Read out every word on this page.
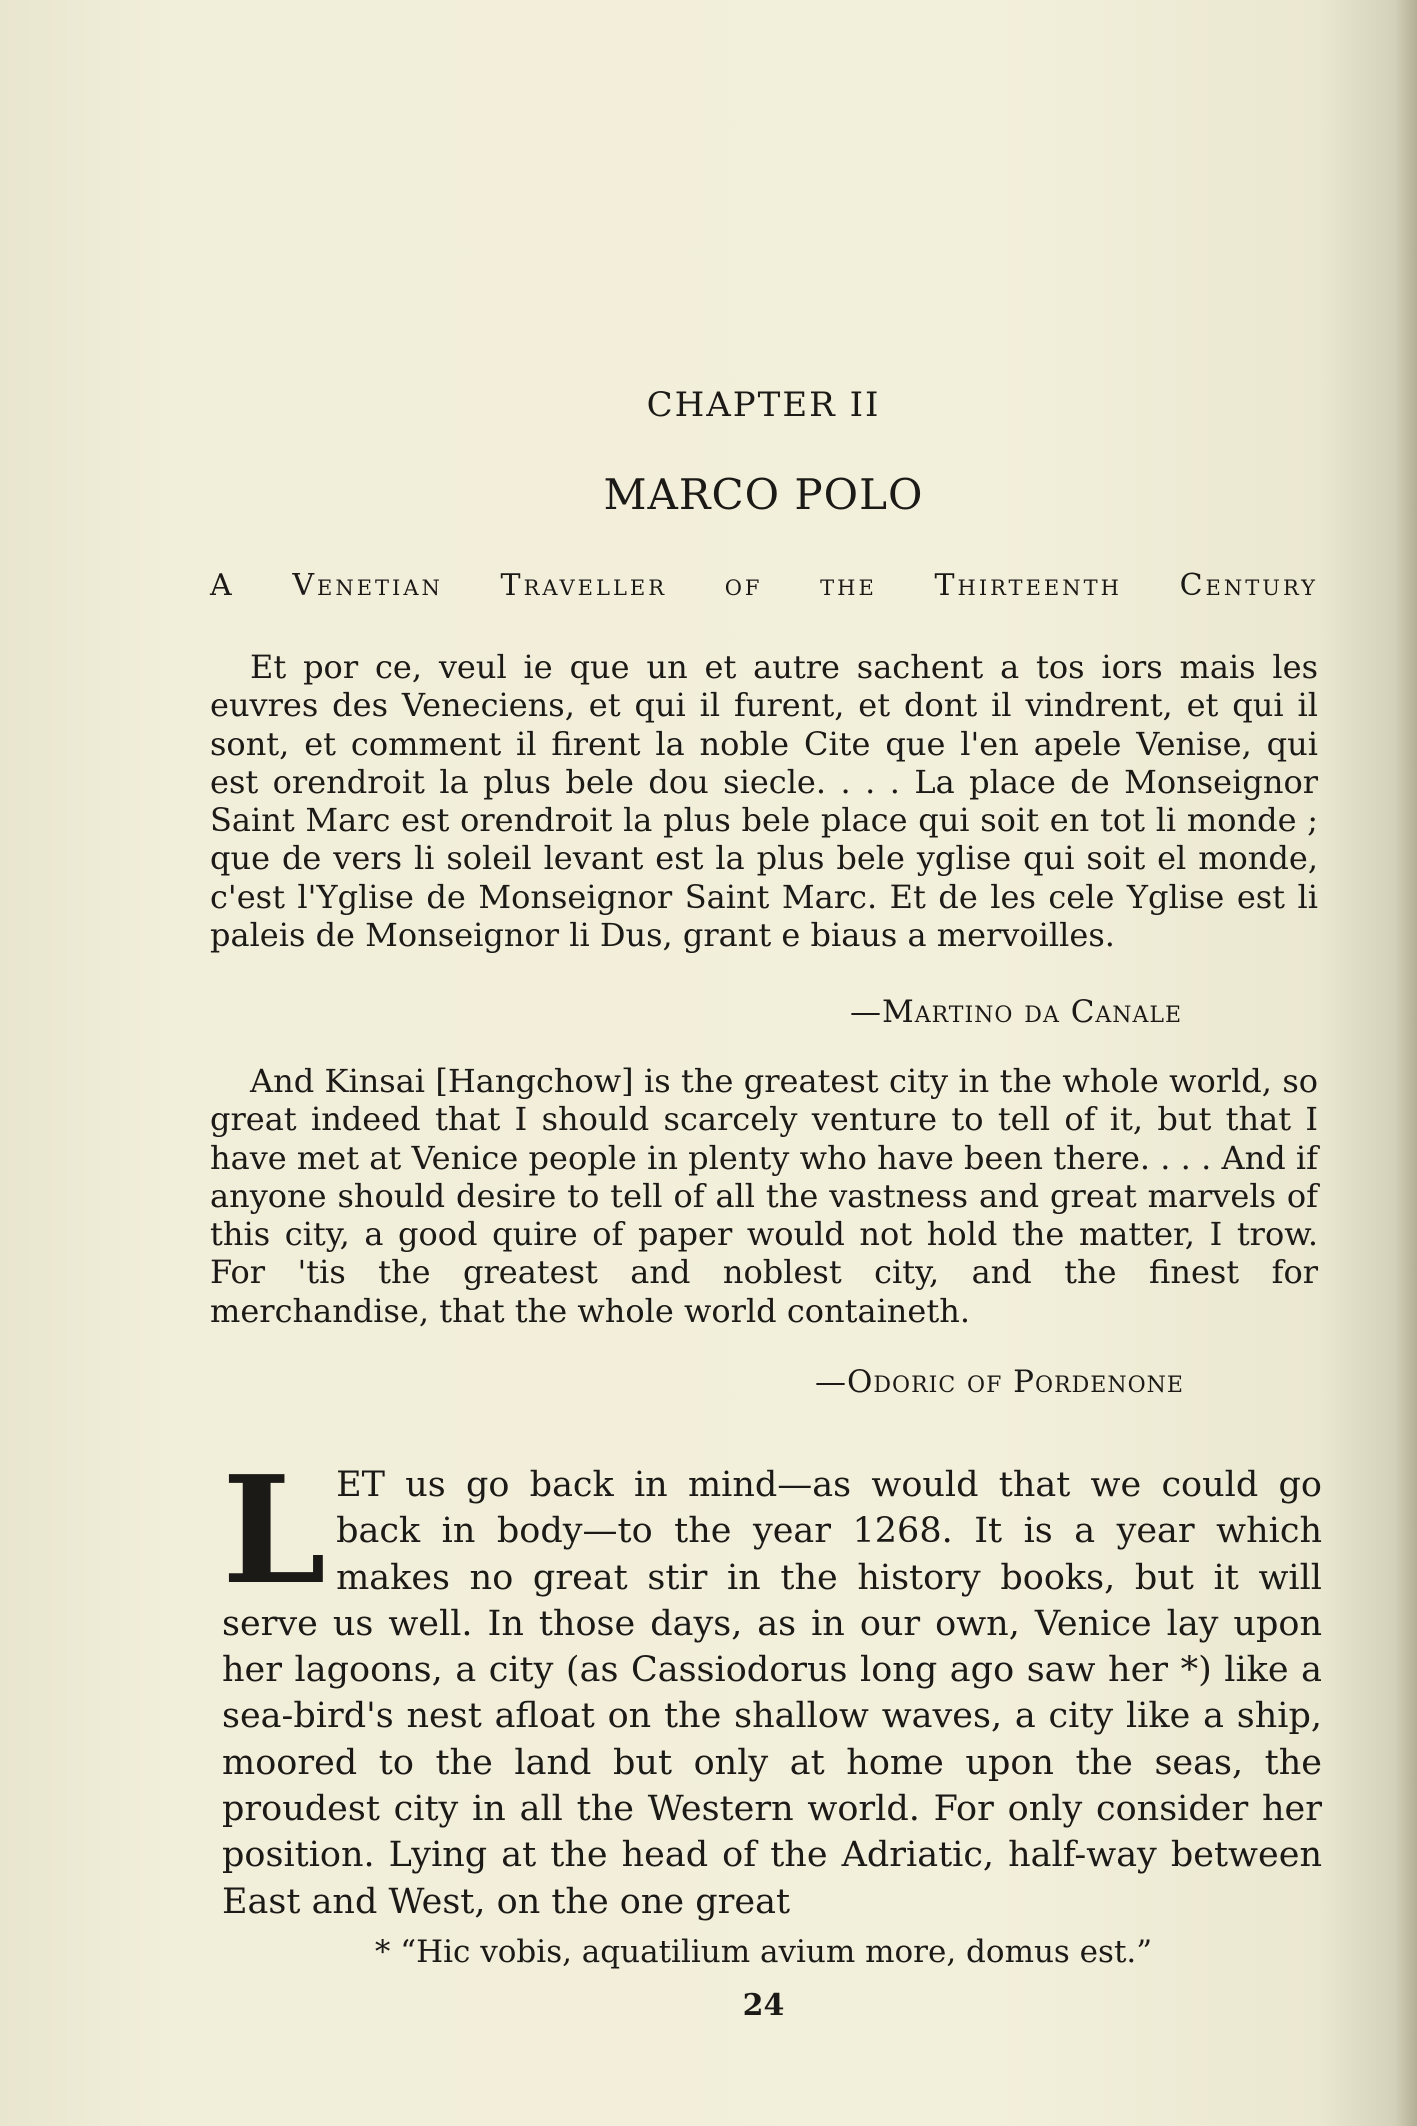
CHAPTER II
MARCO POLO
A Venetian Traveller of the Thirteenth Century

Et por ce, veul ie que un et autre sachent a tos iors mais les euvres des Veneciens, et qui il furent, et dont il vindrent, et qui il sont, et comment il firent la noble Cite que l'en apele Venise, qui est orendroit la plus bele dou siecle. . . . La place de Monseignor Saint Marc est orendroit la plus bele place qui soit en tot li monde ; que de vers li soleil levant est la plus bele yglise qui soit el monde, c'est l'Yglise de Monseignor Saint Marc. Et de les cele Yglise est li paleis de Monseignor li Dus, grant e biaus a mervoilles.

—Martino da Canale

And Kinsai [Hangchow] is the greatest city in the whole world, so great indeed that I should scarcely venture to tell of it, but that I have met at Venice people in plenty who have been there. . . . And if anyone should desire to tell of all the vastness and great marvels of this city, a good quire of paper would not hold the matter, I trow. For 'tis the greatest and noblest city, and the finest for merchandise, that the whole world containeth.

—Odoric of Pordenone
L ET us go back in mind—as would that we could go back in body—to the year 1268. It is a year which makes no great stir in the history books, but it will serve us well. In those days, as in our own, Venice lay upon her lagoons, a city (as Cassiodorus long ago saw her *) like a sea-bird's nest afloat on the shallow waves, a city like a ship, moored to the land but only at home upon the seas, the proudest city in all the Western world. For only consider her position. Lying at the head of the Adriatic, half-way between East and West, on the one great

* “Hic vobis, aquatilium avium more, domus est.”
24
